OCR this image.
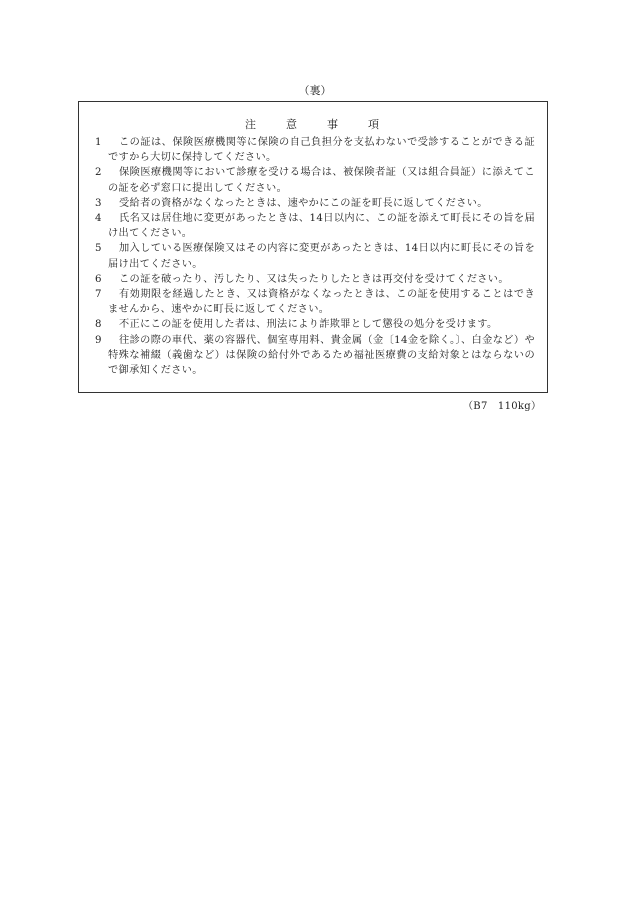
（裏）
注	意	事	項
1	この証は、保険医療機関等に保険の自己負担分を支払わないで受診することができる証ですから大切に保持してください。
2	保険医療機関等において診療を受ける場合は、被保険者証（又は組合員証）に添えてこの証を必ず窓口に提出してください。
3	受給者の資格がなくなったときは、速やかにこの証を町長に返してください。
4	氏名又は居住地に変更があったときは、14日以内に、この証を添えて町長にその旨を届け出てください。
5	加入している医療保険又はその内容に変更があったときは、14日以内に町長にその旨を届け出てください。
6	この証を破ったり、汚したり、又は失ったりしたときは再交付を受けてください。
7	有効期限を経過したとき、又は資格がなくなったときは、この証を使用することはできませんから、速やかに町長に返してください。
8	不正にこの証を使用した者は、刑法により詐欺罪として懲役の処分を受けます。
9	往診の際の車代、薬の容器代、個室専用料、貴金属（金〔14金を除く。〕、白金など）や特殊な補綴（義歯など）は保険の給付外であるため福祉医療費の支給対象とはならないので御承知ください。
（B7　110kg）
